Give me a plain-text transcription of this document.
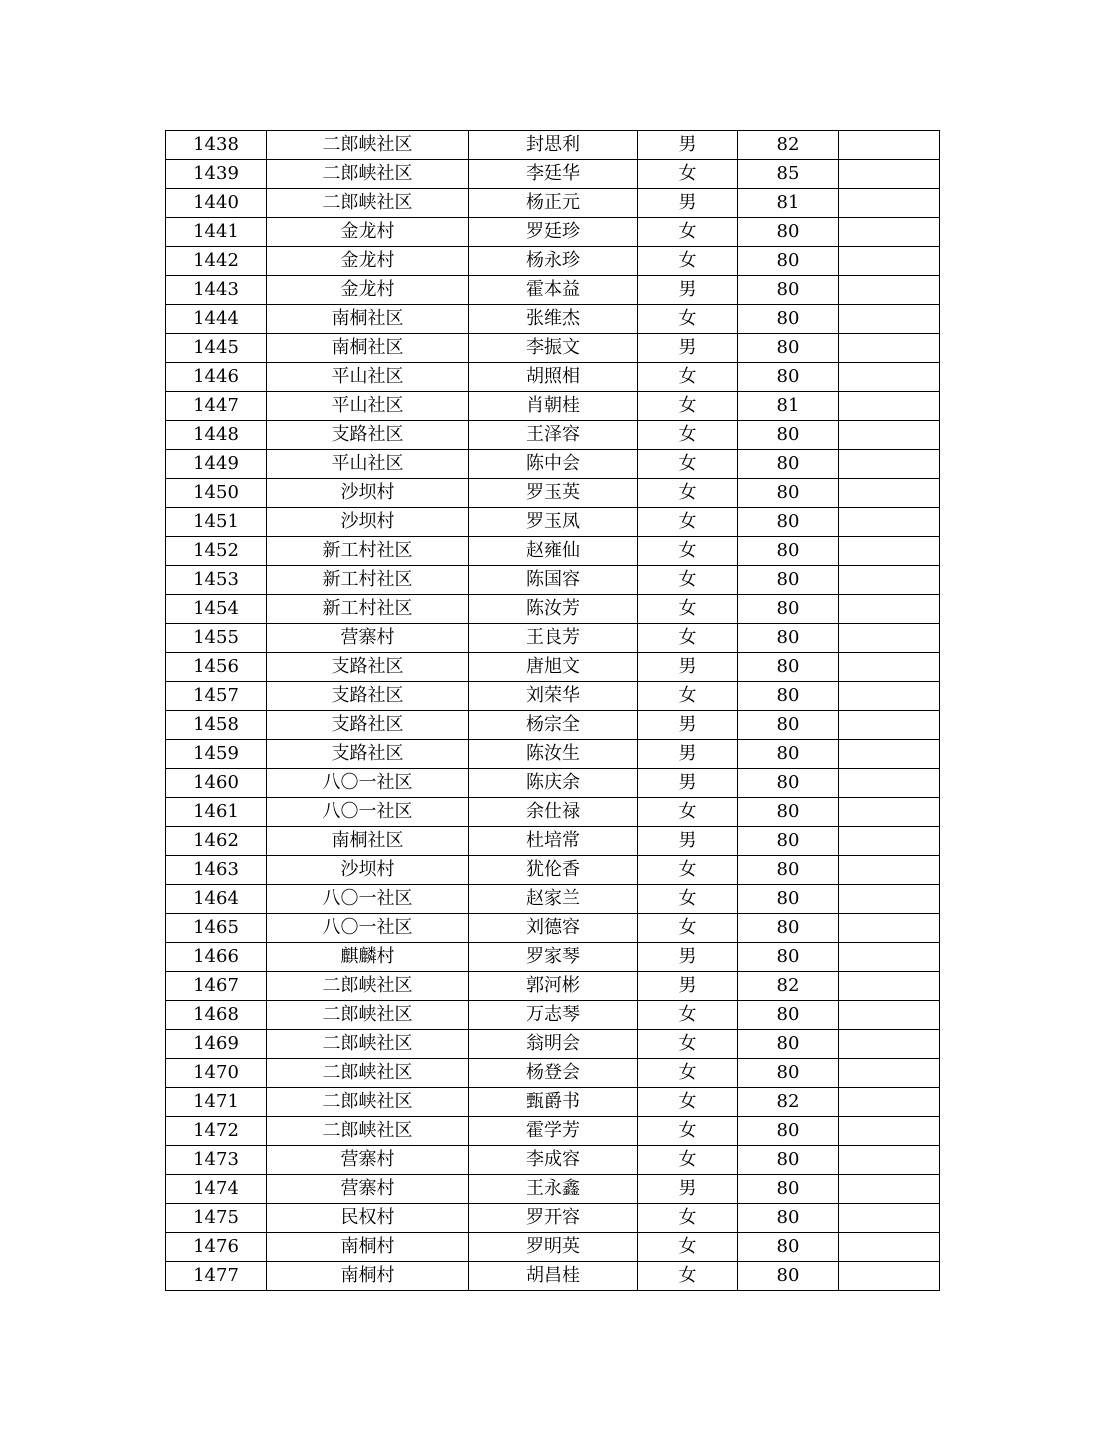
1438	二郎峡社区	封思利	男	82	
1439	二郎峡社区	李廷华	女	85	
1440	二郎峡社区	杨正元	男	81	
1441	金龙村	罗廷珍	女	80	
1442	金龙村	杨永珍	女	80	
1443	金龙村	霍本益	男	80	
1444	南桐社区	张维杰	女	80	
1445	南桐社区	李振文	男	80	
1446	平山社区	胡照相	女	80	
1447	平山社区	肖朝桂	女	81	
1448	支路社区	王泽容	女	80	
1449	平山社区	陈中会	女	80	
1450	沙坝村	罗玉英	女	80	
1451	沙坝村	罗玉凤	女	80	
1452	新工村社区	赵雍仙	女	80	
1453	新工村社区	陈国容	女	80	
1454	新工村社区	陈汝芳	女	80	
1455	营寨村	王良芳	女	80	
1456	支路社区	唐旭文	男	80	
1457	支路社区	刘荣华	女	80	
1458	支路社区	杨宗全	男	80	
1459	支路社区	陈汝生	男	80	
1460	八〇一社区	陈庆余	男	80	
1461	八〇一社区	余仕禄	女	80	
1462	南桐社区	杜培常	男	80	
1463	沙坝村	犹伦香	女	80	
1464	八〇一社区	赵家兰	女	80	
1465	八〇一社区	刘德容	女	80	
1466	麒麟村	罗家琴	男	80	
1467	二郎峡社区	郭河彬	男	82	
1468	二郎峡社区	万志琴	女	80	
1469	二郎峡社区	翁明会	女	80	
1470	二郎峡社区	杨登会	女	80	
1471	二郎峡社区	甄爵书	女	82	
1472	二郎峡社区	霍学芳	女	80	
1473	营寨村	李成容	女	80	
1474	营寨村	王永鑫	男	80	
1475	民权村	罗开容	女	80	
1476	南桐村	罗明英	女	80	
1477	南桐村	胡昌桂	女	80	
